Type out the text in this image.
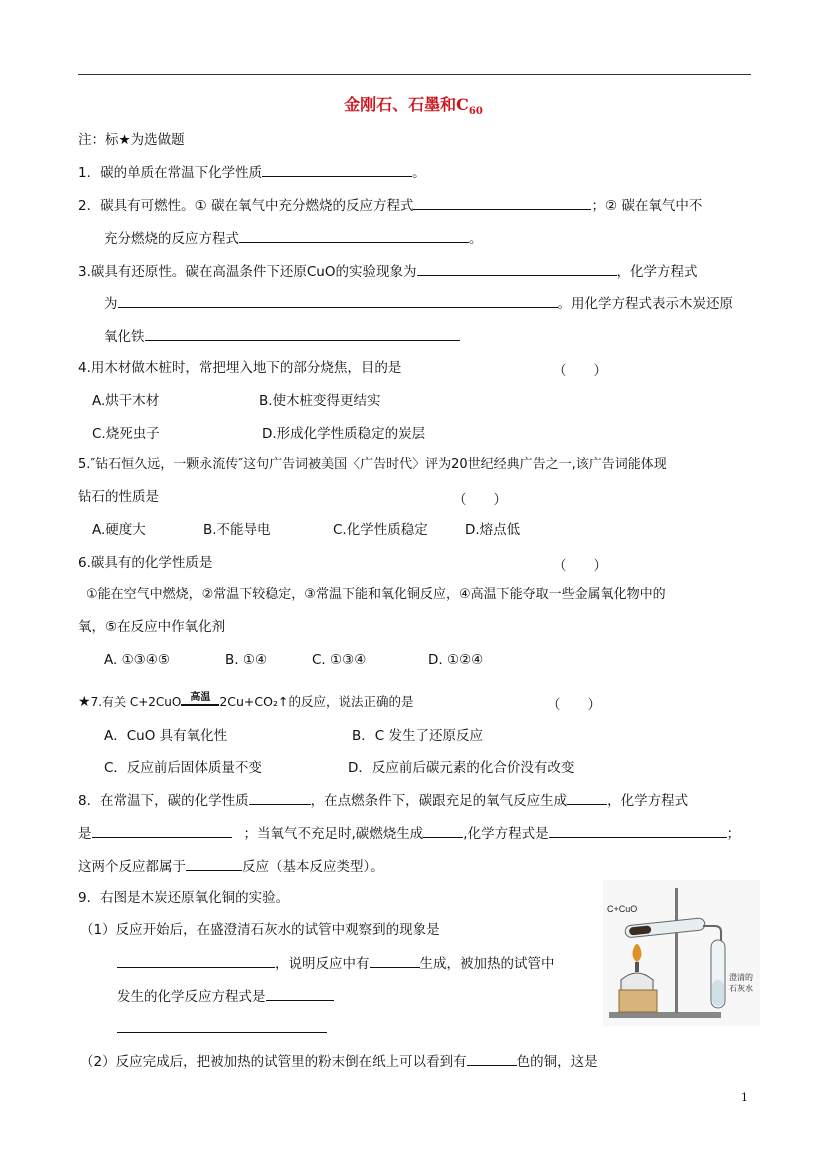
金刚石、石墨和$C_{60}$
注：标★为选做题
1．碳的单质在常温下化学性质	。
2．碳具有可燃性。① 碳在氧气中充分燃烧的反应方程式	；② 碳在氧气中不
充分燃烧的反应方程式	。
3.碳具有还原性。碳在高温条件下还原CuO的实验现象为	，化学方程式
为	。用化学方程式表示木炭还原
氧化铁
4.用木材做木桩时，常把埋入地下的部分烧焦，目的是	（　　）
A.烘干木材	B.使木桩变得更结实
C.烧死虫子	D.形成化学性质稳定的炭层
5.″钻石恒久远，一颗永流传″这句广告词被美国〈广告时代〉评为20世纪经典广告之一,该广告词能体现
钻石的性质是	（　　）
A.硬度大	B.不能导电	C.化学性质稳定	D.熔点低
6.碳具有的化学性质是	（　　）
①能在空气中燃烧，②常温下较稳定，③常温下能和氧化铜反应，④高温下能夺取一些金属氧化物中的
氧，⑤在反应中作氧化剂
A. ①③④⑤	B. ①④	C. ①③④	D. ①②④
★7.有关 C+2CuO 高温 2Cu+CO₂↑的反应，说法正确的是	（　　）
A．CuO 具有氧化性	B．C 发生了还原反应
C．反应前后固体质量不变	D．反应前后碳元素的化合价没有改变
8．在常温下，碳的化学性质	，在点燃条件下，碳跟充足的氧气反应生成	，化学方程式
是	；当氧气不充足时,碳燃烧生成	,化学方程式是	；
这两个反应都属于	反应（基本反应类型）。
9．右图是木炭还原氧化铜的实验。
（1）反应开始后，在盛澄清石灰水的试管中观察到的现象是
，说明反应中有	生成，被加热的试管中
发生的化学反应方程式是
（2）反应完成后，把被加热的试管里的粉末倒在纸上可以看到有	色的铜，这是
C+CuO
澄清的
石灰水
1
